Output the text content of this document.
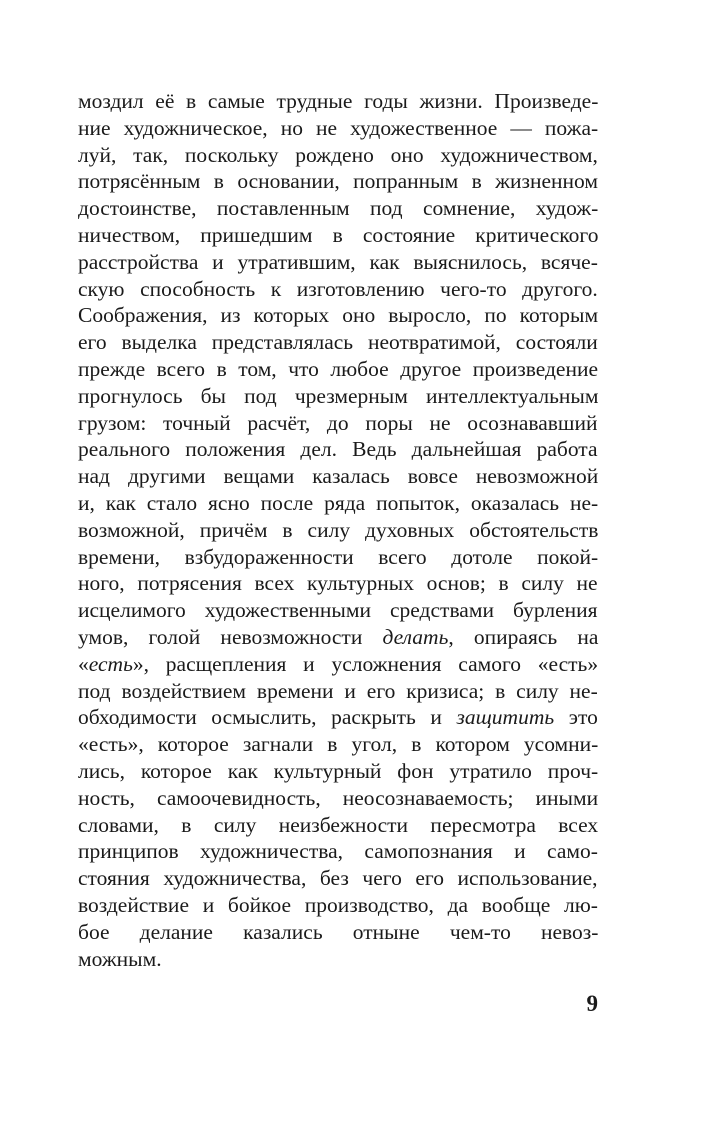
моздил её в самые трудные годы жизни. Произведе-
ние художническое, но не художественное — пожа-
луй, так, поскольку рождено оно художничеством,
потрясённым в основании, попранным в жизненном
достоинстве, поставленным под сомнение, худож-
ничеством, пришедшим в состояние критического
расстройства и утратившим, как выяснилось, всяче-
скую способность к изготовлению чего-то другого.
Соображения, из которых оно выросло, по которым
его выделка представлялась неотвратимой, состояли
прежде всего в том, что любое другое произведение
прогнулось бы под чрезмерным интеллектуальным
грузом: точный расчёт, до поры не осознававший
реального положения дел. Ведь дальнейшая работа
над другими вещами казалась вовсе невозможной
и, как стало ясно после ряда попыток, оказалась не-
возможной, причём в силу духовных обстоятельств
времени, взбудораженности всего дотоле покой-
ного, потрясения всех культурных основ; в силу не
исцелимого художественными средствами бурления
умов, голой невозможности делать, опираясь на
«есть», расщепления и усложнения самого «есть»
под воздействием времени и его кризиса; в силу не-
обходимости осмыслить, раскрыть и защитить это
«есть», которое загнали в угол, в котором усомни-
лись, которое как культурный фон утратило проч-
ность, самоочевидность, неосознаваемость; иными
словами, в силу неизбежности пересмотра всех
принципов художничества, самопознания и само-
стояния художничества, без чего его использование,
воздействие и бойкое производство, да вообще лю-
бое делание казались отныне чем-то невоз-
можным.
9
